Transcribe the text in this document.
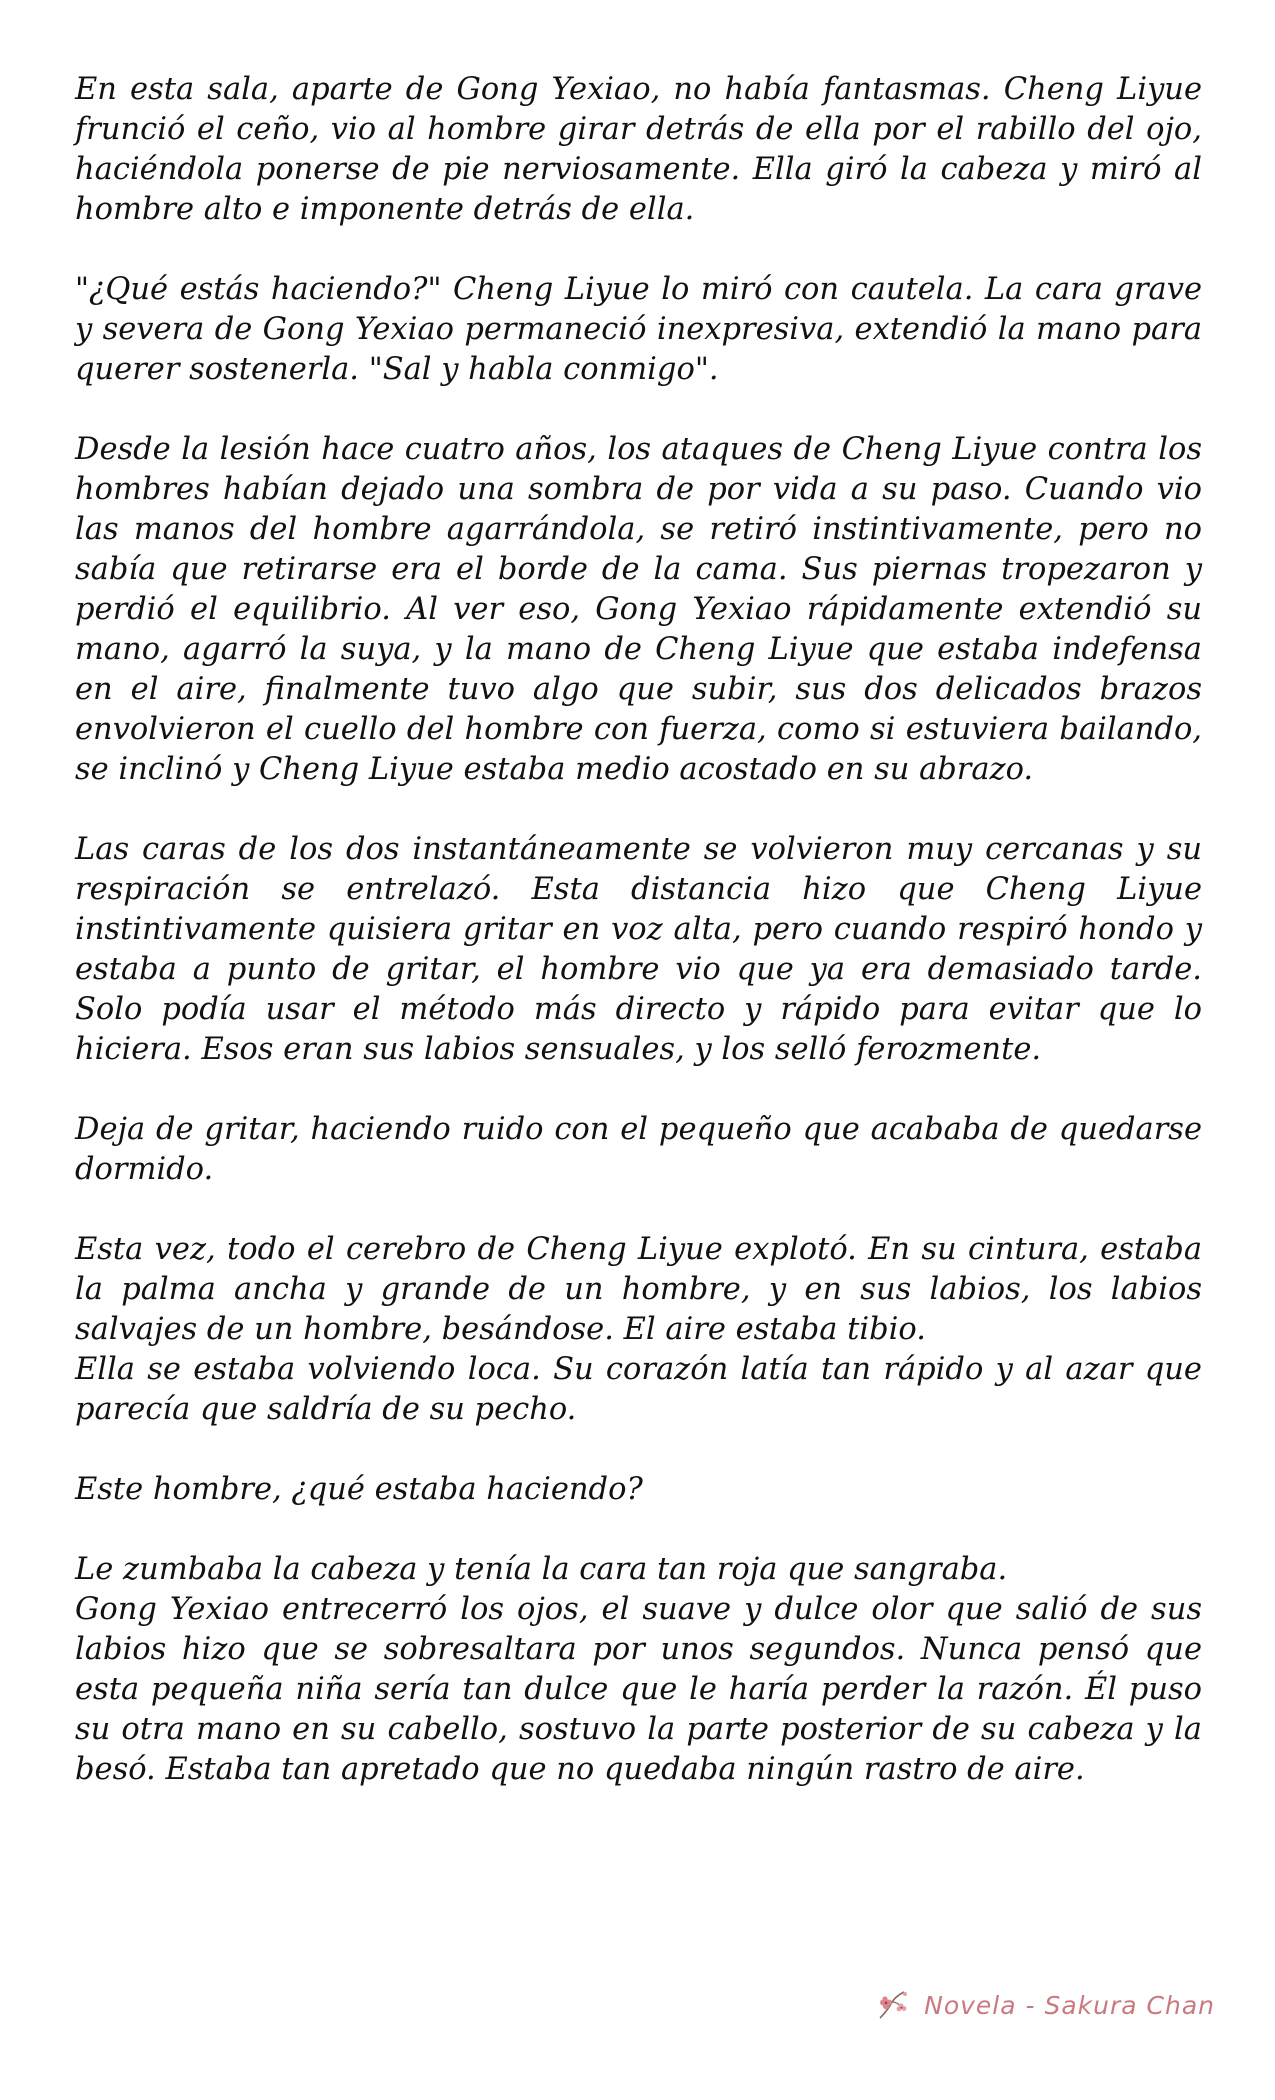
En esta sala, aparte de Gong Yexiao, no había fantasmas. Cheng Liyue frunció el ceño, vio al hombre girar detrás de ella por el rabillo del ojo, haciéndola ponerse de pie nerviosamente. Ella giró la cabeza y miró al hombre alto e imponente detrás de ella.

"¿Qué estás haciendo?" Cheng Liyue lo miró con cautela. La cara grave y severa de Gong Yexiao permaneció inexpresiva, extendió la mano para querer sostenerla. "Sal y habla conmigo".

Desde la lesión hace cuatro años, los ataques de Cheng Liyue contra los hombres habían dejado una sombra de por vida a su paso. Cuando vio las manos del hombre agarrándola, se retiró instintivamente, pero no sabía que retirarse era el borde de la cama. Sus piernas tropezaron y perdió el equilibrio. Al ver eso, Gong Yexiao rápidamente extendió su mano, agarró la suya, y la mano de Cheng Liyue que estaba indefensa en el aire, finalmente tuvo algo que subir, sus dos delicados brazos envolvieron el cuello del hombre con fuerza, como si estuviera bailando, se inclinó y Cheng Liyue estaba medio acostado en su abrazo.

Las caras de los dos instantáneamente se volvieron muy cercanas y su respiración se entrelazó. Esta distancia hizo que Cheng Liyue instintivamente quisiera gritar en voz alta, pero cuando respiró hondo y estaba a punto de gritar, el hombre vio que ya era demasiado tarde. Solo podía usar el método más directo y rápido para evitar que lo hiciera. Esos eran sus labios sensuales, y los selló ferozmente.

Deja de gritar, haciendo ruido con el pequeño que acababa de quedarse dormido.

Esta vez, todo el cerebro de Cheng Liyue explotó. En su cintura, estaba la palma ancha y grande de un hombre, y en sus labios, los labios salvajes de un hombre, besándose. El aire estaba tibio.
Ella se estaba volviendo loca. Su corazón latía tan rápido y al azar que parecía que saldría de su pecho.

Este hombre, ¿qué estaba haciendo?

Le zumbaba la cabeza y tenía la cara tan roja que sangraba.
Gong Yexiao entrecerró los ojos, el suave y dulce olor que salió de sus labios hizo que se sobresaltara por unos segundos. Nunca pensó que esta pequeña niña sería tan dulce que le haría perder la razón. Él puso su otra mano en su cabello, sostuvo la parte posterior de su cabeza y la besó. Estaba tan apretado que no quedaba ningún rastro de aire.

Novela - Sakura Chan
